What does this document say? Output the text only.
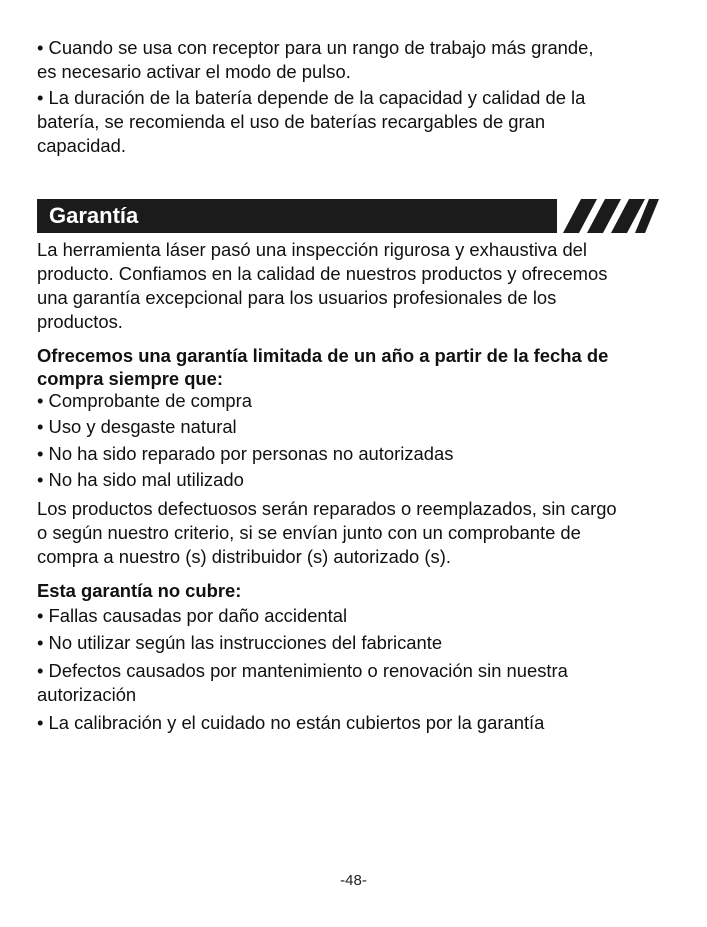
• Cuando se usa con receptor para un rango de trabajo más grande,

es necesario activar el modo de pulso.

• La duración de la batería depende de la capacidad y calidad de la

batería, se recomienda el uso de baterías recargables de gran

capacidad.

Garantía

La herramienta láser pasó una inspección rigurosa y exhaustiva del

producto. Confiamos en la calidad de nuestros productos y ofrecemos

una garantía excepcional para los usuarios profesionales de los

productos.

Ofrecemos una garantía limitada de un año a partir de la fecha de

compra siempre que:

• Comprobante de compra

• Uso y desgaste natural

• No ha sido reparado por personas no autorizadas

• No ha sido mal utilizado

Los productos defectuosos serán reparados o reemplazados, sin cargo

o según nuestro criterio, si se envían junto con un comprobante de

compra a nuestro (s) distribuidor (s) autorizado (s).

Esta garantía no cubre:

• Fallas causadas por daño accidental

• No utilizar según las instrucciones del fabricante

• Defectos causados por mantenimiento o renovación sin nuestra

autorización

• La calibración y el cuidado no están cubiertos por la garantía

-48-
